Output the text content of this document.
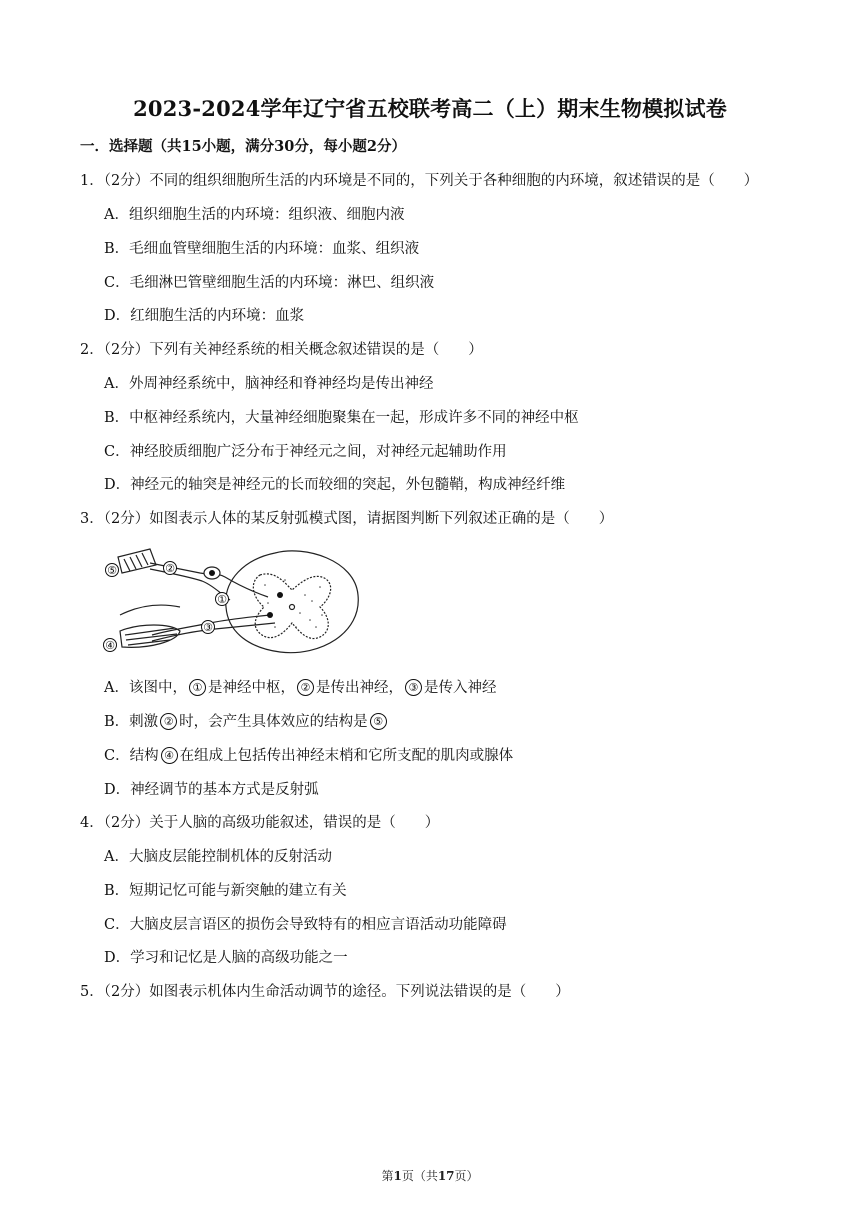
2023-2024学年辽宁省五校联考高二（上）期末生物模拟试卷
一．选择题（共15小题，满分30分，每小题2分）
1．（2分）不同的组织细胞所生活的内环境是不同的，下列关于各种细胞的内环境，叙述错误的是（　　）
A．组织细胞生活的内环境：组织液、细胞内液
B．毛细血管壁细胞生活的内环境：血浆、组织液
C．毛细淋巴管壁细胞生活的内环境：淋巴、组织液
D．红细胞生活的内环境：血浆
2．（2分）下列有关神经系统的相关概念叙述错误的是（　　）
A．外周神经系统中，脑神经和脊神经均是传出神经
B．中枢神经系统内，大量神经细胞聚集在一起，形成许多不同的神经中枢
C．神经胶质细胞广泛分布于神经元之间，对神经元起辅助作用
D．神经元的轴突是神经元的长而较细的突起，外包髓鞘，构成神经纤维
3．（2分）如图表示人体的某反射弧模式图，请据图判断下列叙述正确的是（　　）
⑤	②
①
③
④
A．该图中， ① 是神经中枢， ② 是传出神经， ③ 是传入神经
B．刺激 ② 时，会产生具体效应的结构是 ⑤
C．结构 ④ 在组成上包括传出神经末梢和它所支配的肌肉或腺体
D．神经调节的基本方式是反射弧
4．（2分）关于人脑的高级功能叙述，错误的是（　　）
A．大脑皮层能控制机体的反射活动
B．短期记忆可能与新突触的建立有关
C．大脑皮层言语区的损伤会导致特有的相应言语活动功能障碍
D．学习和记忆是人脑的高级功能之一
5．（2分）如图表示机体内生命活动调节的途径。下列说法错误的是（　　）
第1页（共17页）
